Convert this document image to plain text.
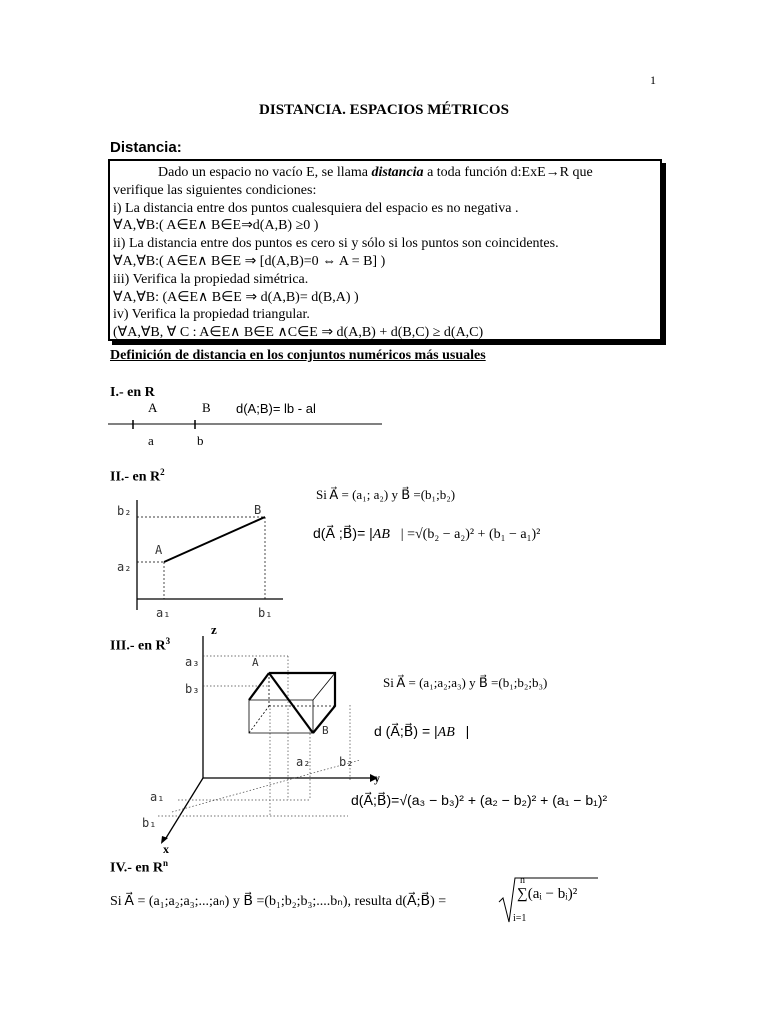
1
DISTANCIA. ESPACIOS MÉTRICOS
Distancia:
Dado un espacio no vacío E, se llama distancia a toda función d:ExE→R que
verifique las siguientes condiciones:
i) La distancia entre dos puntos cualesquiera del espacio es no negativa .
∀A,∀B:( A∈E∧ B∈E⇒d(A,B) ≥0 )
ii) La distancia entre dos puntos es cero si y sólo si los puntos son coincidentes.
∀A,∀B:( A∈E∧ B∈E ⇒ [d(A,B)=0 ⇔ A = B] )
iii) Verifica la propiedad simétrica.
∀A,∀B: (A∈E∧ B∈E ⇒ d(A,B)= d(B,A) )
iv) Verifica la propiedad triangular.
(∀A,∀B, ∀ C : A∈E∧ B∈E ∧C∈E ⇒ d(A,B) + d(B,C) ≥ d(A,C)
Definición de distancia en los conjuntos numéricos más usuales
I.- en R
A	B d(A;B)= lb - al
a	b
II.- en $R^2$
Si A⃗ = (a₁; a₂) y B⃗ =(b₁;b₂)
d(A⃗ ;B⃗)= |AB⃗| =√(b₂ − a₂)² + (b₁ − a₁)²
b₂
a₂
A
B
a₁	b₁
III.- en $R^3$
z
y
x
a₃
b₃
A
B
a₂ b₂
a₁
b₁
Si A⃗ = (a₁;a₂;a₃) y B⃗ =(b₁;b₂;b₃)
d (A⃗;B⃗) = |AB⃗|
d(A⃗;B⃗)=√(a₃ − b₃)² + (a₂ − b₂)² + (a₁ − b₁)²
IV.- en $R^n$
Si A⃗ = (a₁;a₂;a₃;...;aₙ) y B⃗ =(b₁;b₂;b₃;....bₙ), resulta d(A⃗;B⃗) =
n
∑(aᵢ − bᵢ)²
i=1
